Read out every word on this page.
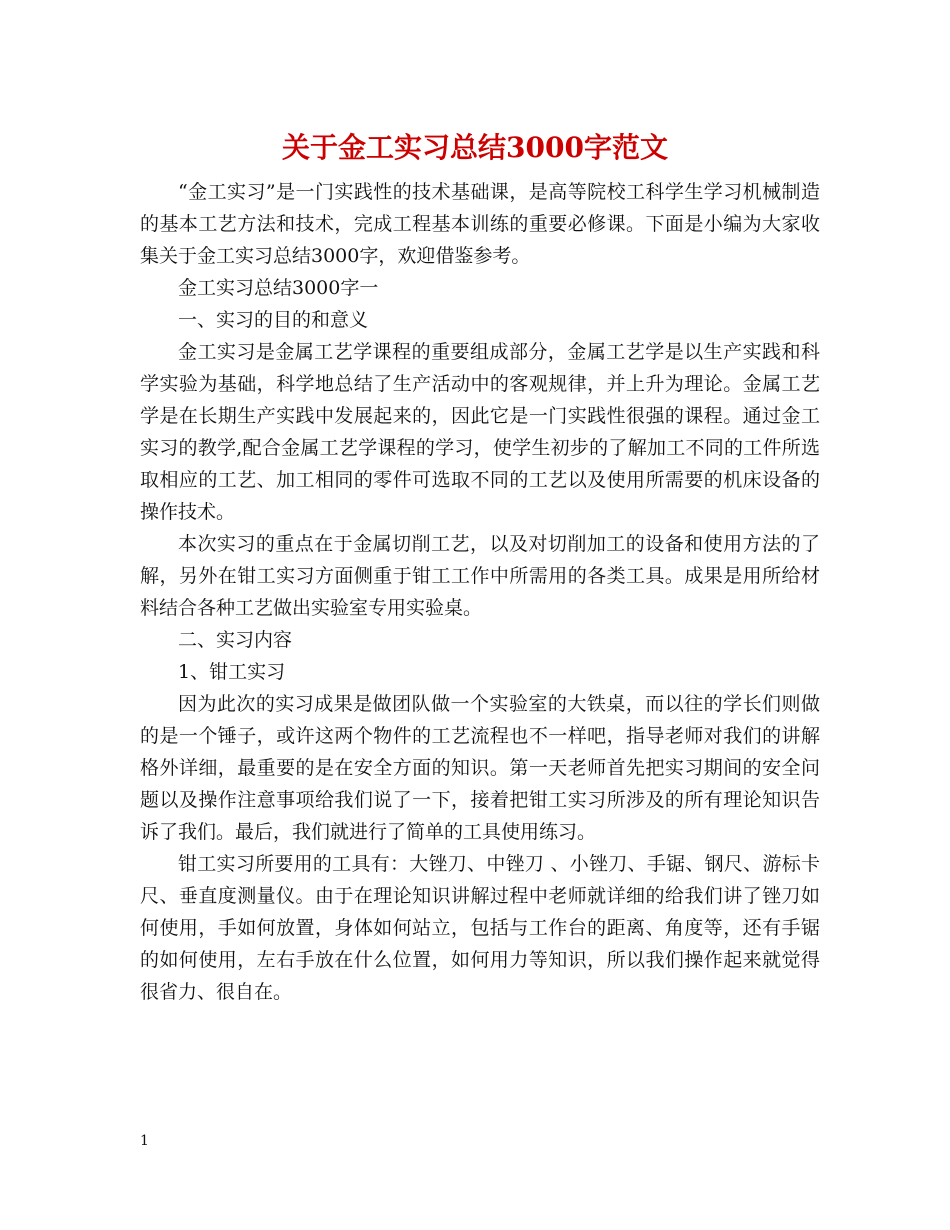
关于金工实习总结3000字范文

“金工实习”是一门实践性的技术基础课，是高等院校工科学生学习机械制造的基本工艺方法和技术，完成工程基本训练的重要必修课。下面是小编为大家收集关于金工实习总结3000字，欢迎借鉴参考。

金工实习总结3000字一

一、实习的目的和意义

金工实习是金属工艺学课程的重要组成部分，金属工艺学是以生产实践和科学实验为基础，科学地总结了生产活动中的客观规律，并上升为理论。金属工艺学是在长期生产实践中发展起来的，因此它是一门实践性很强的课程。通过金工实习的教学,配合金属工艺学课程的学习，使学生初步的了解加工不同的工件所选取相应的工艺、加工相同的零件可选取不同的工艺以及使用所需要的机床设备的操作技术。

本次实习的重点在于金属切削工艺，以及对切削加工的设备和使用方法的了解，另外在钳工实习方面侧重于钳工工作中所需用的各类工具。成果是用所给材料结合各种工艺做出实验室专用实验桌。

二、实习内容

1、钳工实习

因为此次的实习成果是做团队做一个实验室的大铁桌，而以往的学长们则做的是一个锤子，或许这两个物件的工艺流程也不一样吧，指导老师对我们的讲解格外详细，最重要的是在安全方面的知识。第一天老师首先把实习期间的安全问题以及操作注意事项给我们说了一下，接着把钳工实习所涉及的所有理论知识告诉了我们。最后，我们就进行了简单的工具使用练习。

钳工实习所要用的工具有：大锉刀、中锉刀 、小锉刀、手锯、钢尺、游标卡尺、垂直度测量仪。由于在理论知识讲解过程中老师就详细的给我们讲了锉刀如何使用，手如何放置，身体如何站立，包括与工作台的距离、角度等，还有手锯的如何使用，左右手放在什么位置，如何用力等知识，所以我们操作起来就觉得很省力、很自在。

1
